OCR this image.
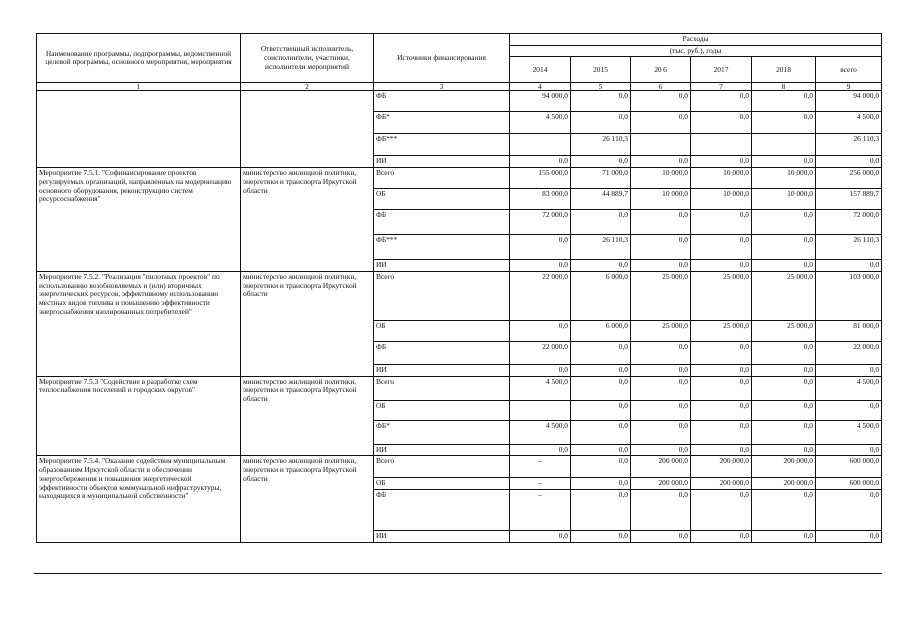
Наименование программы, подпрограммы, ведомственной целевой программы, основного мероприятия, мероприятия	Ответственный исполнитель, соисполнители, участники, исполнители мероприятий	Источники финансирования	Расходы					
			(тыс. руб.), годы					
			2014	2015	20 6	2017	2018	всего
1	2	3	4	5	6	7	8	9
		ФБ	94 000,0	0,0	0,0	0,0	0,0	94 000,0
		ФБ*	4 500,0	0,0	0,0	0,0	0,0	4 500,0
		ФБ***		26 110,3				26 110,3
		ИИ	0,0	0,0	0,0	0,0	0,0	0,0
Мероприятие 7.5.1. "Софинансирование проектов регулируемых организаций, направленных на модернизацию основного оборудования, реконструкцию систем ресурсоснабжения"	министерство жилищной политики, энергетики и транспорта Иркутской области	Всего	155 000,0	71 000,0	10 000,0	10 000,0	10 000,0	256 000,0
		ОБ	83 000,0	44 889,7	10 000,0	10 000,0	10 000,0	157 889,7
		ФБ	72 000,0	0,0	0,0	0,0	0,0	72 000,0
		ФБ***	0,0	26 110,3	0,0	0,0	0,0	26 110,3
		ИИ	0,0	0,0	0,0	0,0	0,0	0,0
Мероприятие 7.5.2. "Реализация "пилотных проектов" по использованию возобновляемых и (или) вторичных энергетических ресурсов, эффективному использованию местных видов топлива и повышению эффективности энергоснабжения изолированных потребителей"	министерство жилищной политики, энергетики и транспорта Иркутской области	Всего	22 000,0	6 000,0	25 000,0	25 000,0	25 000,0	103 000,0
		ОБ	0,0	6 000,0	25 000,0	25 000,0	25 000,0	81 000,0
		ФБ	22 000,0	0,0	0,0	0,0	0,0	22 000,0
		ИИ	0,0	0,0	0,0	0,0	0,0	0,0
Мероприятие 7.5.3 "Содействие в разработке схем теплоснабжения поселений и городских округов"	министерство жилищной политики, энергетики и транспорта Иркутской области	Всего	4 500,0	0,0	0,0	0,0	0,0	4 500,0
		ОБ		0,0	0,0	0,0	0,0	0,0
		ФБ*	4 500,0	0,0	0,0	0,0	0,0	4 500,0
		ИИ	0,0	0,0	0,0	0,0	0,0	0,0
Мероприятие 7.5.4. "Оказание содействия муниципальным образованиям Иркутской области в обеспечении энергосбережения и повышения энергетической эффективности объектов коммунальной инфраструктуры, находящихся в муниципальной собственности"	министерство жилищной политики, энергетики и транспорта Иркутской области	Всего	–	0,0	200 000,0	200 000,0	200 000,0	600 000,0
		ОБ	–	0,0	200 000,0	200 000,0	200 000,0	600 000,0
		ФБ	–	0,0	0,0	0,0	0,0	0,0
		ИИ	0,0	0,0	0,0	0,0	0,0	0,0
